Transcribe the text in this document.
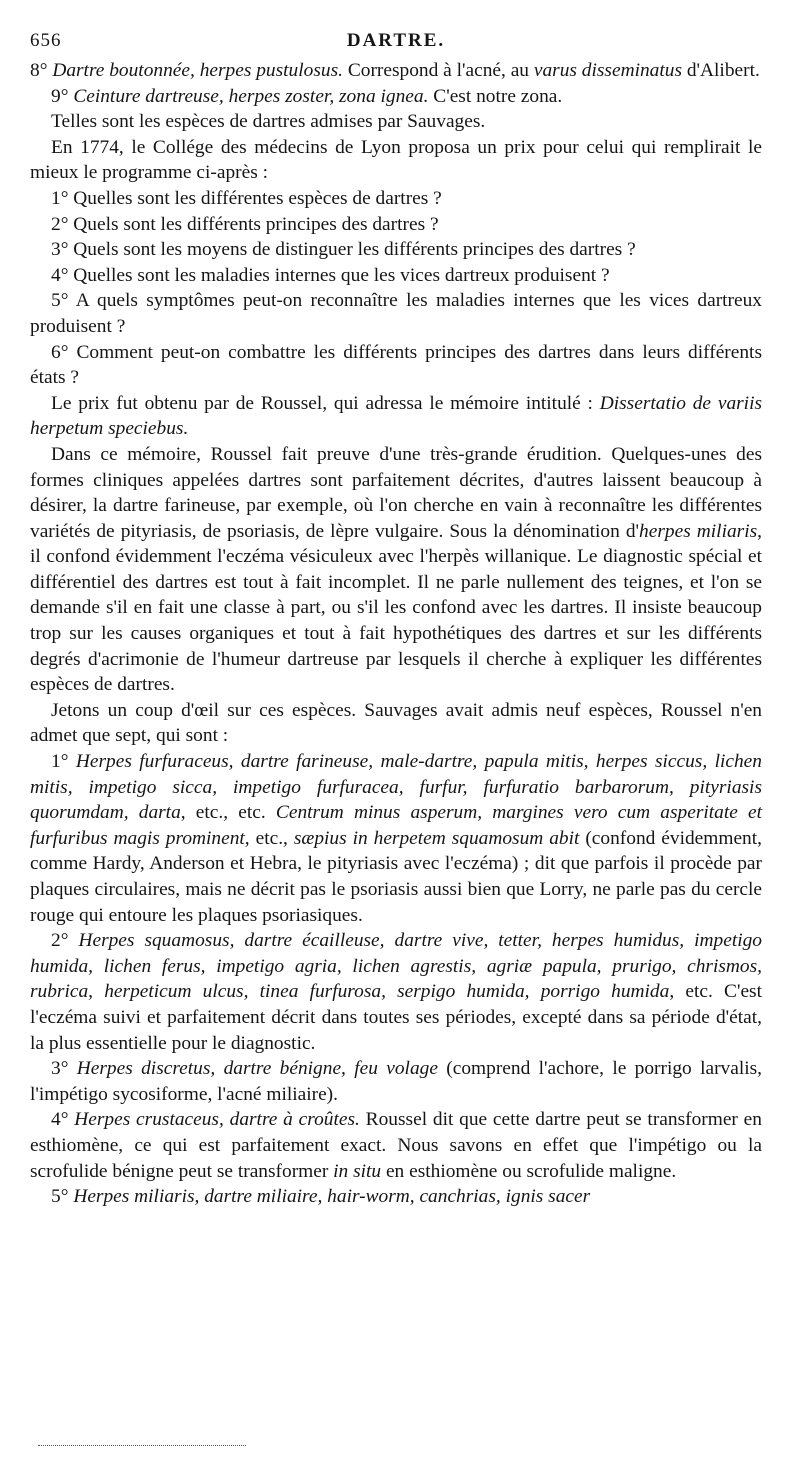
656	DARTRE.

8° Dartre boutonnée, herpes pustulosus. Correspond à l'acné, au varus disseminatus d'Alibert.

9° Ceinture dartreuse, herpes zoster, zona ignea. C'est notre zona.

Telles sont les espèces de dartres admises par Sauvages.

En 1774, le Collége des médecins de Lyon proposa un prix pour celui qui remplirait le mieux le programme ci-après :

1° Quelles sont les différentes espèces de dartres ?

2° Quels sont les différents principes des dartres ?

3° Quels sont les moyens de distinguer les différents principes des dartres ?

4° Quelles sont les maladies internes que les vices dartreux produisent ?

5° A quels symptômes peut-on reconnaître les maladies internes que les vices dartreux produisent ?

6° Comment peut-on combattre les différents principes des dartres dans leurs différents états ?

Le prix fut obtenu par de Roussel, qui adressa le mémoire intitulé : Dissertatio de variis herpetum speciebus.

Dans ce mémoire, Roussel fait preuve d'une très-grande érudition. Quelques-unes des formes cliniques appelées dartres sont parfaitement décrites, d'autres laissent beaucoup à désirer, la dartre farineuse, par exemple, où l'on cherche en vain à reconnaître les différentes variétés de pityriasis, de psoriasis, de lèpre vulgaire. Sous la dénomination d'herpes miliaris, il confond évidemment l'eczéma vésiculeux avec l'herpès willanique. Le diagnostic spécial et différentiel des dartres est tout à fait incomplet. Il ne parle nullement des teignes, et l'on se demande s'il en fait une classe à part, ou s'il les confond avec les dartres. Il insiste beaucoup trop sur les causes organiques et tout à fait hypothétiques des dartres et sur les différents degrés d'acrimonie de l'humeur dartreuse par lesquels il cherche à expliquer les différentes espèces de dartres.

Jetons un coup d'œil sur ces espèces. Sauvages avait admis neuf espèces, Roussel n'en admet que sept, qui sont :

1° Herpes furfuraceus, dartre farineuse, male-dartre, papula mitis, herpes siccus, lichen mitis, impetigo sicca, impetigo furfuracea, furfur, furfuratio barbarorum, pityriasis quorumdam, darta, etc., etc. Centrum minus asperum, margines vero cum asperitate et furfuribus magis prominent, etc., sæpius in herpetem squamosum abit (confond évidemment, comme Hardy, Anderson et Hebra, le pityriasis avec l'eczéma) ; dit que parfois il procède par plaques circulaires, mais ne décrit pas le psoriasis aussi bien que Lorry, ne parle pas du cercle rouge qui entoure les plaques psoriasiques.

2° Herpes squamosus, dartre écailleuse, dartre vive, tetter, herpes humidus, impetigo humida, lichen ferus, impetigo agria, lichen agrestis, agriæ papula, prurigo, chrismos, rubrica, herpeticum ulcus, tinea furfurosa, serpigo humida, porrigo humida, etc. C'est l'eczéma suivi et parfaitement décrit dans toutes ses périodes, excepté dans sa période d'état, la plus essentielle pour le diagnostic.

3° Herpes discretus, dartre bénigne, feu volage (comprend l'achore, le porrigo larvalis, l'impétigo sycosiforme, l'acné miliaire).

4° Herpes crustaceus, dartre à croûtes. Roussel dit que cette dartre peut se transformer en esthiomène, ce qui est parfaitement exact. Nous savons en effet que l'impétigo ou la scrofulide bénigne peut se transformer in situ en esthiomène ou scrofulide maligne.

5° Herpes miliaris, dartre miliaire, hair-worm, canchrias, ignis sacer
